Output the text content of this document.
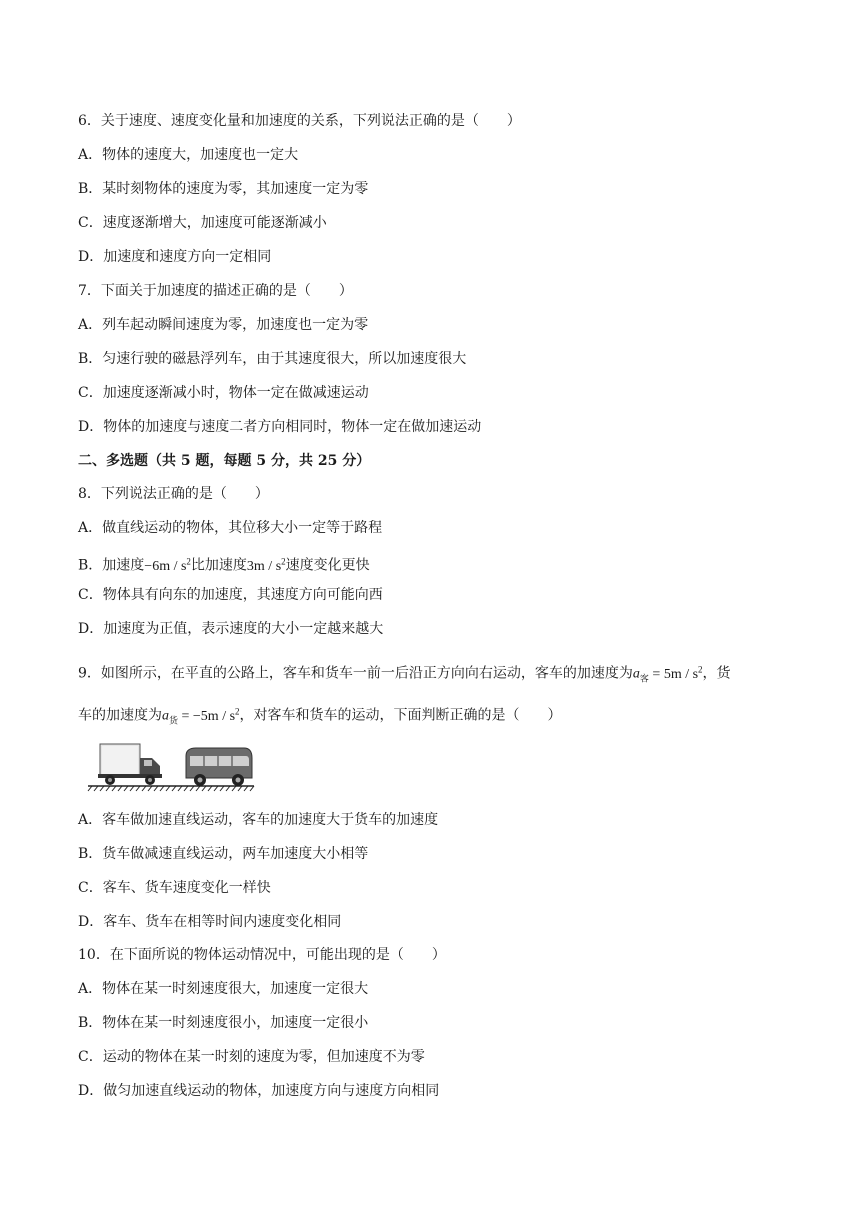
6．关于速度、速度变化量和加速度的关系，下列说法正确的是（　　）
A．物体的速度大，加速度也一定大
B．某时刻物体的速度为零，其加速度一定为零
C．速度逐渐增大，加速度可能逐渐减小
D．加速度和速度方向一定相同
7．下面关于加速度的描述正确的是（　　）
A．列车起动瞬间速度为零，加速度也一定为零
B．匀速行驶的磁悬浮列车，由于其速度很大，所以加速度很大
C．加速度逐渐减小时，物体一定在做减速运动
D．物体的加速度与速度二者方向相同时，物体一定在做加速运动
二、多选题（共 5 题，每题 5 分，共 25 分）
8．下列说法正确的是（　　）
A．做直线运动的物体，其位移大小一定等于路程
B．加速度$-6m / s^2$比加速度$3m / s^2$速度变化更快
C．物体具有向东的加速度，其速度方向可能向西
D．加速度为正值，表示速度的大小一定越来越大
9．如图所示，在平直的公路上，客车和货车一前一后沿正方向向右运动，客车的加速度为$a_客 = 5m / s^2$，货
车的加速度为$a_货 = -5m / s^2$，对客车和货车的运动，下面判断正确的是（　　）
A．客车做加速直线运动，客车的加速度大于货车的加速度
B．货车做减速直线运动，两车加速度大小相等
C．客车、货车速度变化一样快
D．客车、货车在相等时间内速度变化相同
10．在下面所说的物体运动情况中，可能出现的是（　　）
A．物体在某一时刻速度很大，加速度一定很大
B．物体在某一时刻速度很小，加速度一定很小
C．运动的物体在某一时刻的速度为零，但加速度不为零
D．做匀加速直线运动的物体，加速度方向与速度方向相同
